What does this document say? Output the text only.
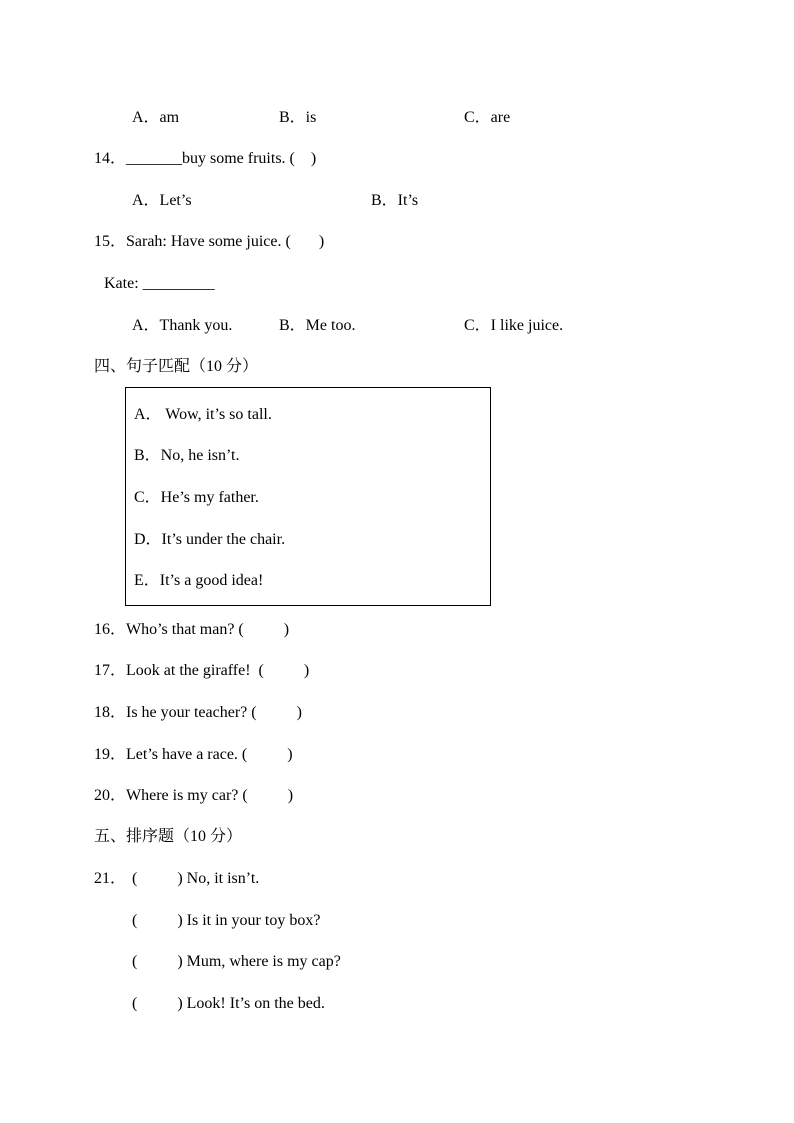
A．am	B．is	C．are
14．_______buy some fruits. (    )
A．Let’s	B．It’s
15．Sarah: Have some juice. (       )
Kate: _________
A．Thank you.	B．Me too.	C．I like juice.
四、句子匹配（10 分）
A． Wow, it’s so tall.
B．No, he isn’t.
C．He’s my father.
D．It’s under the chair.
E．It’s a good idea!
16．Who’s that man? (          )
17．Look at the giraffe!  (          )
18．Is he your teacher? (          )
19．Let’s have a race. (          )
20．Where is my car? (          )
五、排序题（10 分）
21． (          ) No, it isn’t.
(          ) Is it in your toy box?
(          ) Mum, where is my cap?
(          ) Look! It’s on the bed.
